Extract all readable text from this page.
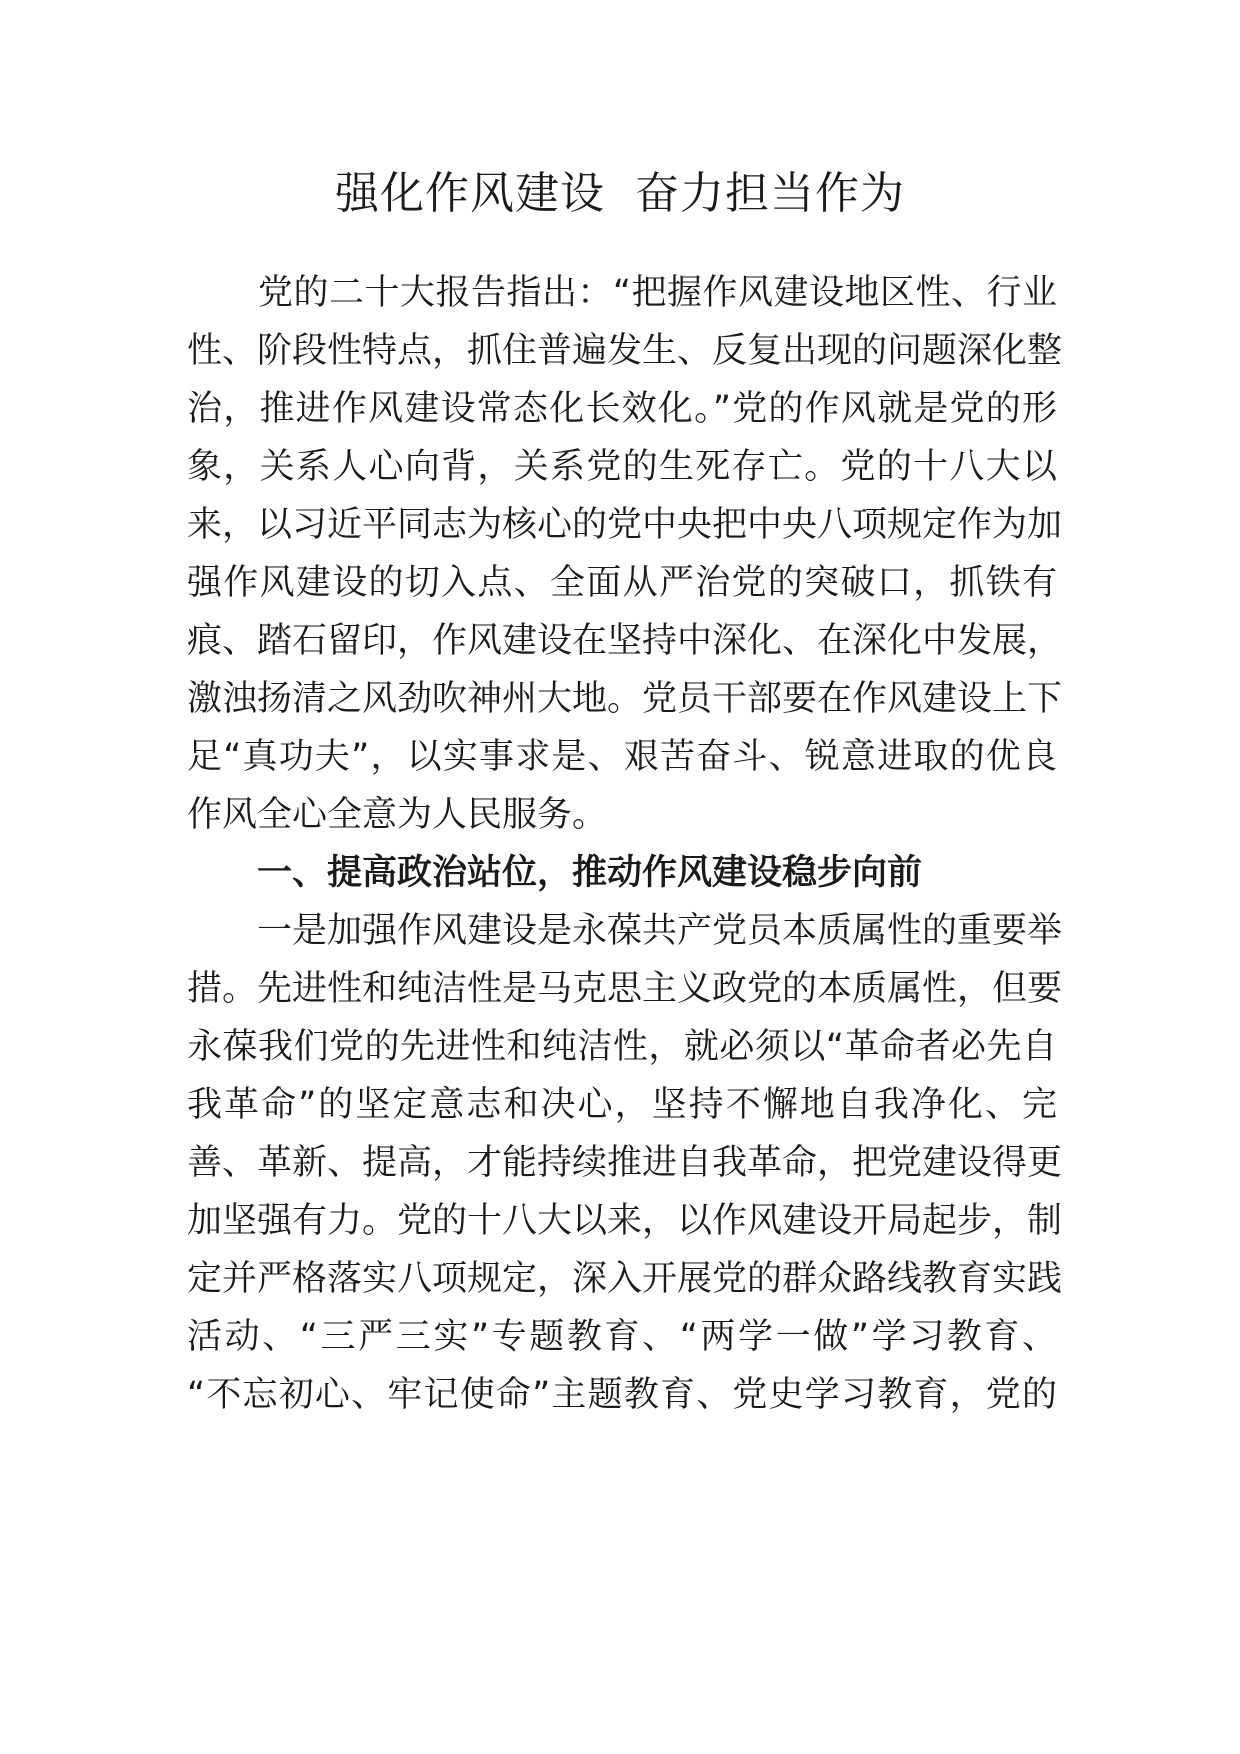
强化作风建设  奋力担当作为

　　党的二十大报告指出：“把握作风建设地区性、行业

性、阶段性特点，抓住普遍发生、反复出现的问题深化整

治，推进作风建设常态化长效化。”党的作风就是党的形

象，关系人心向背，关系党的生死存亡。党的十八大以

来，以习近平同志为核心的党中央把中央八项规定作为加

强作风建设的切入点、全面从严治党的突破口，抓铁有

痕、踏石留印，作风建设在坚持中深化、在深化中发展，

激浊扬清之风劲吹神州大地。党员干部要在作风建设上下

足“真功夫”，以实事求是、艰苦奋斗、锐意进取的优良

作风全心全意为人民服务。

　　一、提高政治站位，推动作风建设稳步向前

　　一是加强作风建设是永葆共产党员本质属性的重要举

措。先进性和纯洁性是马克思主义政党的本质属性，但要

永葆我们党的先进性和纯洁性，就必须以“革命者必先自

我革命”的坚定意志和决心，坚持不懈地自我净化、完

善、革新、提高，才能持续推进自我革命，把党建设得更

加坚强有力。党的十八大以来，以作风建设开局起步，制

定并严格落实八项规定，深入开展党的群众路线教育实践

活动、“三严三实”专题教育、“两学一做”学习教育、

“不忘初心、牢记使命”主题教育、党史学习教育，党的
